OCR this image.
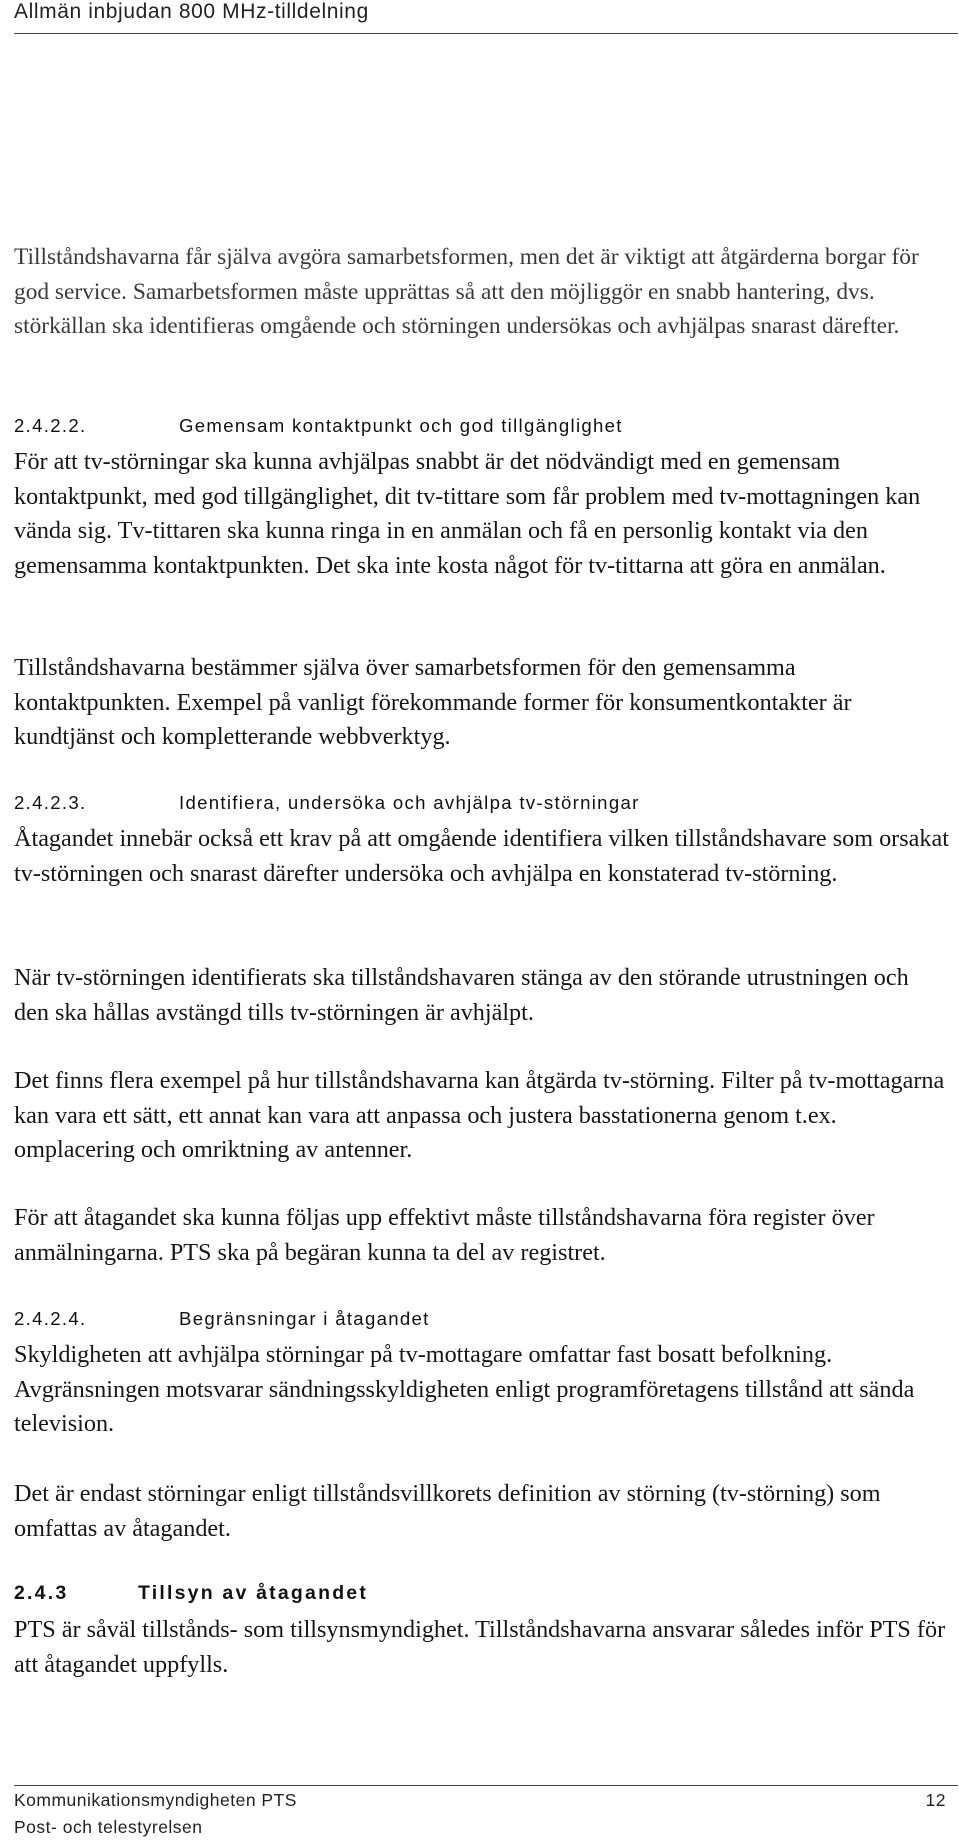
Allmän inbjudan 800 MHz-tilldelning

Tillståndshavarna får själva avgöra samarbetsformen, men det är viktigt att åtgärderna borgar för god service. Samarbetsformen måste upprättas så att den möjliggör en snabb hantering, dvs. störkällan ska identifieras omgående och störningen undersökas och avhjälpas snarast därefter.

2.4.2.2.	Gemensam kontaktpunkt och god tillgänglighet

För att tv-störningar ska kunna avhjälpas snabbt är det nödvändigt med en gemensam kontaktpunkt, med god tillgänglighet, dit tv-tittare som får problem med tv-mottagningen kan vända sig. Tv-tittaren ska kunna ringa in en anmälan och få en personlig kontakt via den gemensamma kontaktpunkten. Det ska inte kosta något för tv-tittarna att göra en anmälan.

Tillståndshavarna bestämmer själva över samarbetsformen för den gemensamma kontaktpunkten. Exempel på vanligt förekommande former för konsumentkontakter är kundtjänst och kompletterande webbverktyg.

2.4.2.3.	Identifiera, undersöka och avhjälpa tv-störningar

Åtagandet innebär också ett krav på att omgående identifiera vilken tillståndshavare som orsakat tv-störningen och snarast därefter undersöka och avhjälpa en konstaterad tv-störning.

När tv-störningen identifierats ska tillståndshavaren stänga av den störande utrustningen och den ska hållas avstängd tills tv-störningen är avhjälpt.

Det finns flera exempel på hur tillståndshavarna kan åtgärda tv-störning. Filter på tv-mottagarna kan vara ett sätt, ett annat kan vara att anpassa och justera basstationerna genom t.ex. omplacering och omriktning av antenner.

För att åtagandet ska kunna följas upp effektivt måste tillståndshavarna föra register över anmälningarna. PTS ska på begäran kunna ta del av registret.

2.4.2.4.	Begränsningar i åtagandet

Skyldigheten att avhjälpa störningar på tv-mottagare omfattar fast bosatt befolkning. Avgränsningen motsvarar sändningsskyldigheten enligt programföretagens tillstånd att sända television.

Det är endast störningar enligt tillståndsvillkorets definition av störning (tv-störning) som omfattas av åtagandet.

2.4.3	Tillsyn av åtagandet

PTS är såväl tillstånds- som tillsynsmyndighet. Tillståndshavarna ansvarar således inför PTS för att åtagandet uppfylls.

Kommunikationsmyndigheten PTS
Post- och telestyrelsen
12
